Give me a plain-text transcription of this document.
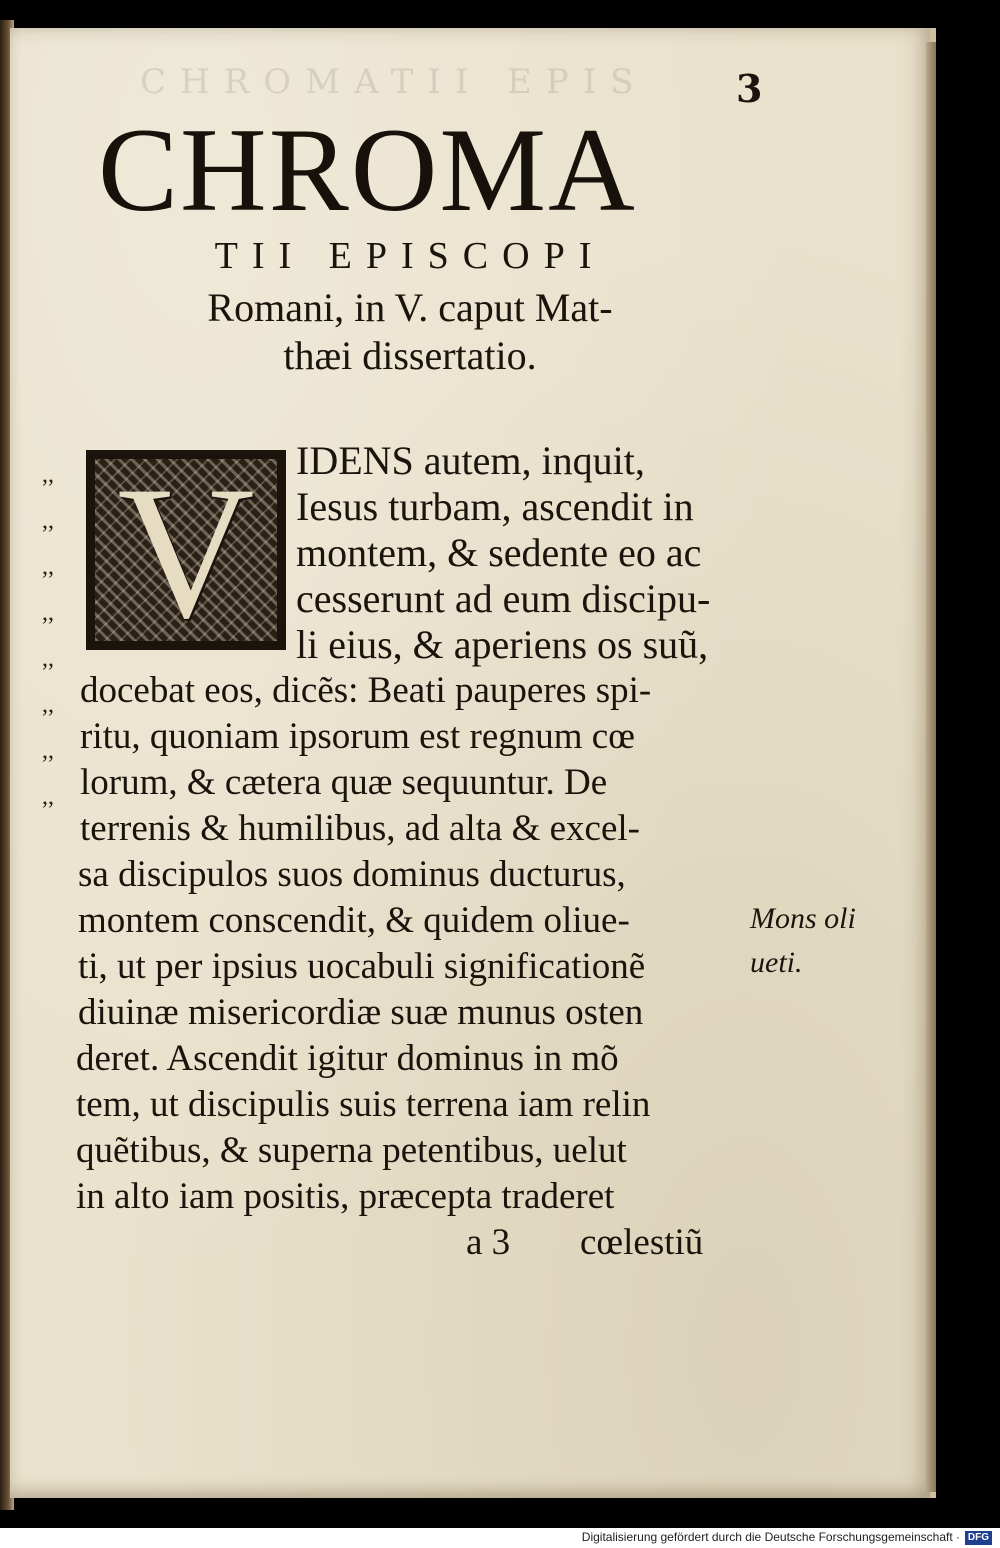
CHROMATII EPIS	3
CHROMA
TII EPISCOPI
Romani, in V. caput Mat-
thæi dissertatio.
V
,,
,,
,,
,,
,,
,,
,,
,,
IDENS autem, inquit,
Iesus turbam, ascendit in
montem, & sedente eo ac
cesserunt ad eum discipu-
li eius, & aperiens os suũ,
docebat eos, dicẽs: Beati pauperes spi-
ritu, quoniam ipsorum est regnum cœ
lorum, & cætera quæ sequuntur. De
terrenis & humilibus, ad alta & excel-
sa discipulos suos dominus ducturus,
montem conscendit, & quidem oliue-
ti, ut per ipsius uocabuli significationẽ
diuinæ misericordiæ suæ munus osten
deret. Ascendit igitur dominus in mõ
tem, ut discipulis suis terrena iam relin
quẽtibus, & superna petentibus, uelut
in alto iam positis, præcepta traderet
a 3 cœlestiũ
Mons oli
ueti.
Digitalisierung gefördert durch die Deutsche Forschungsgemeinschaft · DFG
